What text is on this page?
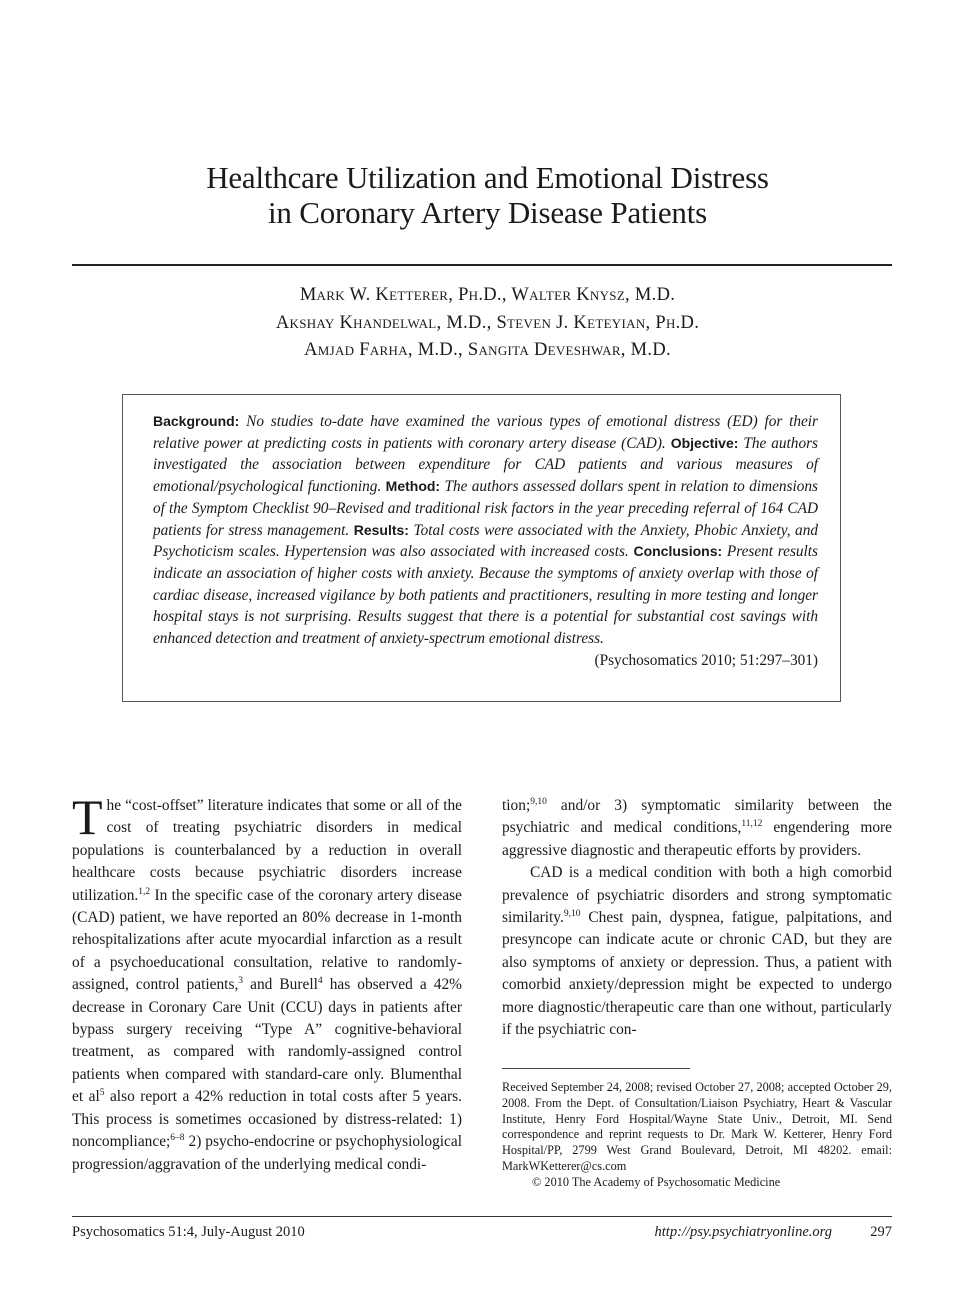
Healthcare Utilization and Emotional Distress
in Coronary Artery Disease Patients
Mark W. Ketterer, Ph.D., Walter Knysz, M.D.
Akshay Khandelwal, M.D., Steven J. Keteyian, Ph.D.
Amjad Farha, M.D., Sangita Deveshwar, M.D.
Background: No studies to-date have examined the various types of emotional distress (ED) for their relative power at predicting costs in patients with coronary artery disease (CAD). Objective: The authors investigated the association between expenditure for CAD patients and various measures of emotional/psychological functioning. Method: The authors assessed dollars spent in relation to dimensions of the Symptom Checklist 90–Revised and traditional risk factors in the year preceding referral of 164 CAD patients for stress management. Results: Total costs were associated with the Anxiety, Phobic Anxiety, and Psychoticism scales. Hypertension was also associated with increased costs. Conclusions: Present results indicate an association of higher costs with anxiety. Because the symptoms of anxiety overlap with those of cardiac disease, increased vigilance by both patients and practitioners, resulting in more testing and longer hospital stays is not surprising. Results suggest that there is a potential for substantial cost savings with enhanced detection and treatment of anxiety-spectrum emotional distress.
(Psychosomatics 2010; 51:297–301)

The “cost-offset” literature indicates that some or all of the cost of treating psychiatric disorders in medical populations is counterbalanced by a reduction in overall healthcare costs because psychiatric disorders increase utilization.$^{1,2}$ In the specific case of the coronary artery disease (CAD) patient, we have reported an 80% decrease in 1-month rehospitalizations after acute myocardial infarction as a result of a psychoeducational consultation, relative to randomly-assigned, control patients,$^3$ and Burell$^4$ has observed a 42% decrease in Coronary Care Unit (CCU) days in patients after bypass surgery receiving “Type A” cognitive-behavioral treatment, as compared with randomly-assigned control patients when compared with standard-care only. Blumenthal et $al^5$ also report a 42% reduction in total costs after 5 years. This process is sometimes occasioned by distress-related: 1) noncompliance;$^{6-8}$ 2) psycho-endocrine or psychophysiological progression/aggravation of the underlying medical condi-

tion;$^{9,10}$ and/or 3) symptomatic similarity between the psychiatric and medical conditions,$^{11,12}$ engendering more aggressive diagnostic and therapeutic efforts by providers.

CAD is a medical condition with both a high comorbid prevalence of psychiatric disorders and strong symptomatic similarity.$^{9,10}$ Chest pain, dyspnea, fatigue, palpitations, and presyncope can indicate acute or chronic CAD, but they are also symptoms of anxiety or depression. Thus, a patient with comorbid anxiety/depression might be expected to undergo more diagnostic/therapeutic care than one without, particularly if the psychiatric con-

Received September 24, 2008; revised October 27, 2008; accepted October 29, 2008. From the Dept. of Consultation/Liaison Psychiatry, Heart & Vascular Institute, Henry Ford Hospital/Wayne State Univ., Detroit, MI. Send correspondence and reprint requests to Dr. Mark W. Ketterer, Henry Ford Hospital/PP, 2799 West Grand Boulevard, Detroit, MI 48202. email: MarkWKetterer@cs.com

© 2010 The Academy of Psychosomatic Medicine

Psychosomatics 51:4, July-August 2010	http://psy.psychiatryonline.org	297
